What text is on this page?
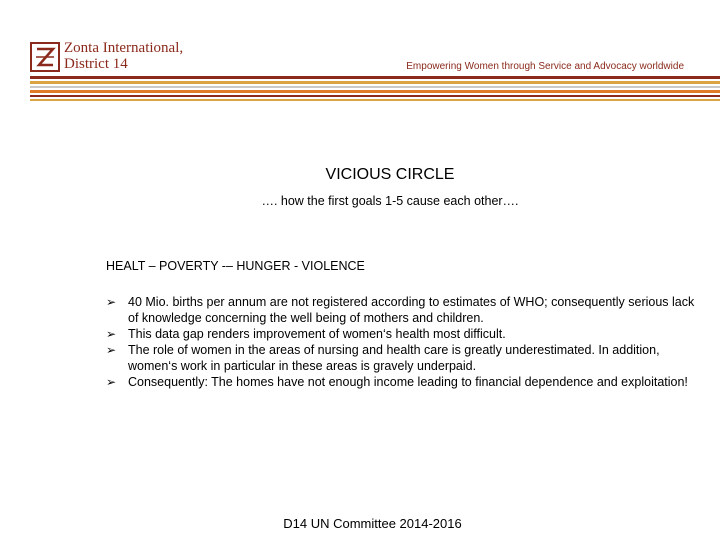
Zonta International,
District 14	Empowering Women through Service and Advocacy worldwide
VICIOUS CIRCLE
…. how the first goals 1-5 cause each other….
HEALT – POVERTY -– HUNGER - VIOLENCE
➢ 40 Mio. births per annum are not registered according to estimates of WHO; consequently serious lack of knowledge concerning the well being of mothers and children.
➢ This data gap renders improvement of women‘s health most difficult.
➢ The role of women in the areas of nursing and health care is greatly underestimated. In addition, women‘s work in particular in these areas is gravely underpaid.
➢ Consequently: The homes have not enough income leading to financial dependence and exploitation!
D14 UN Committee 2014-2016
